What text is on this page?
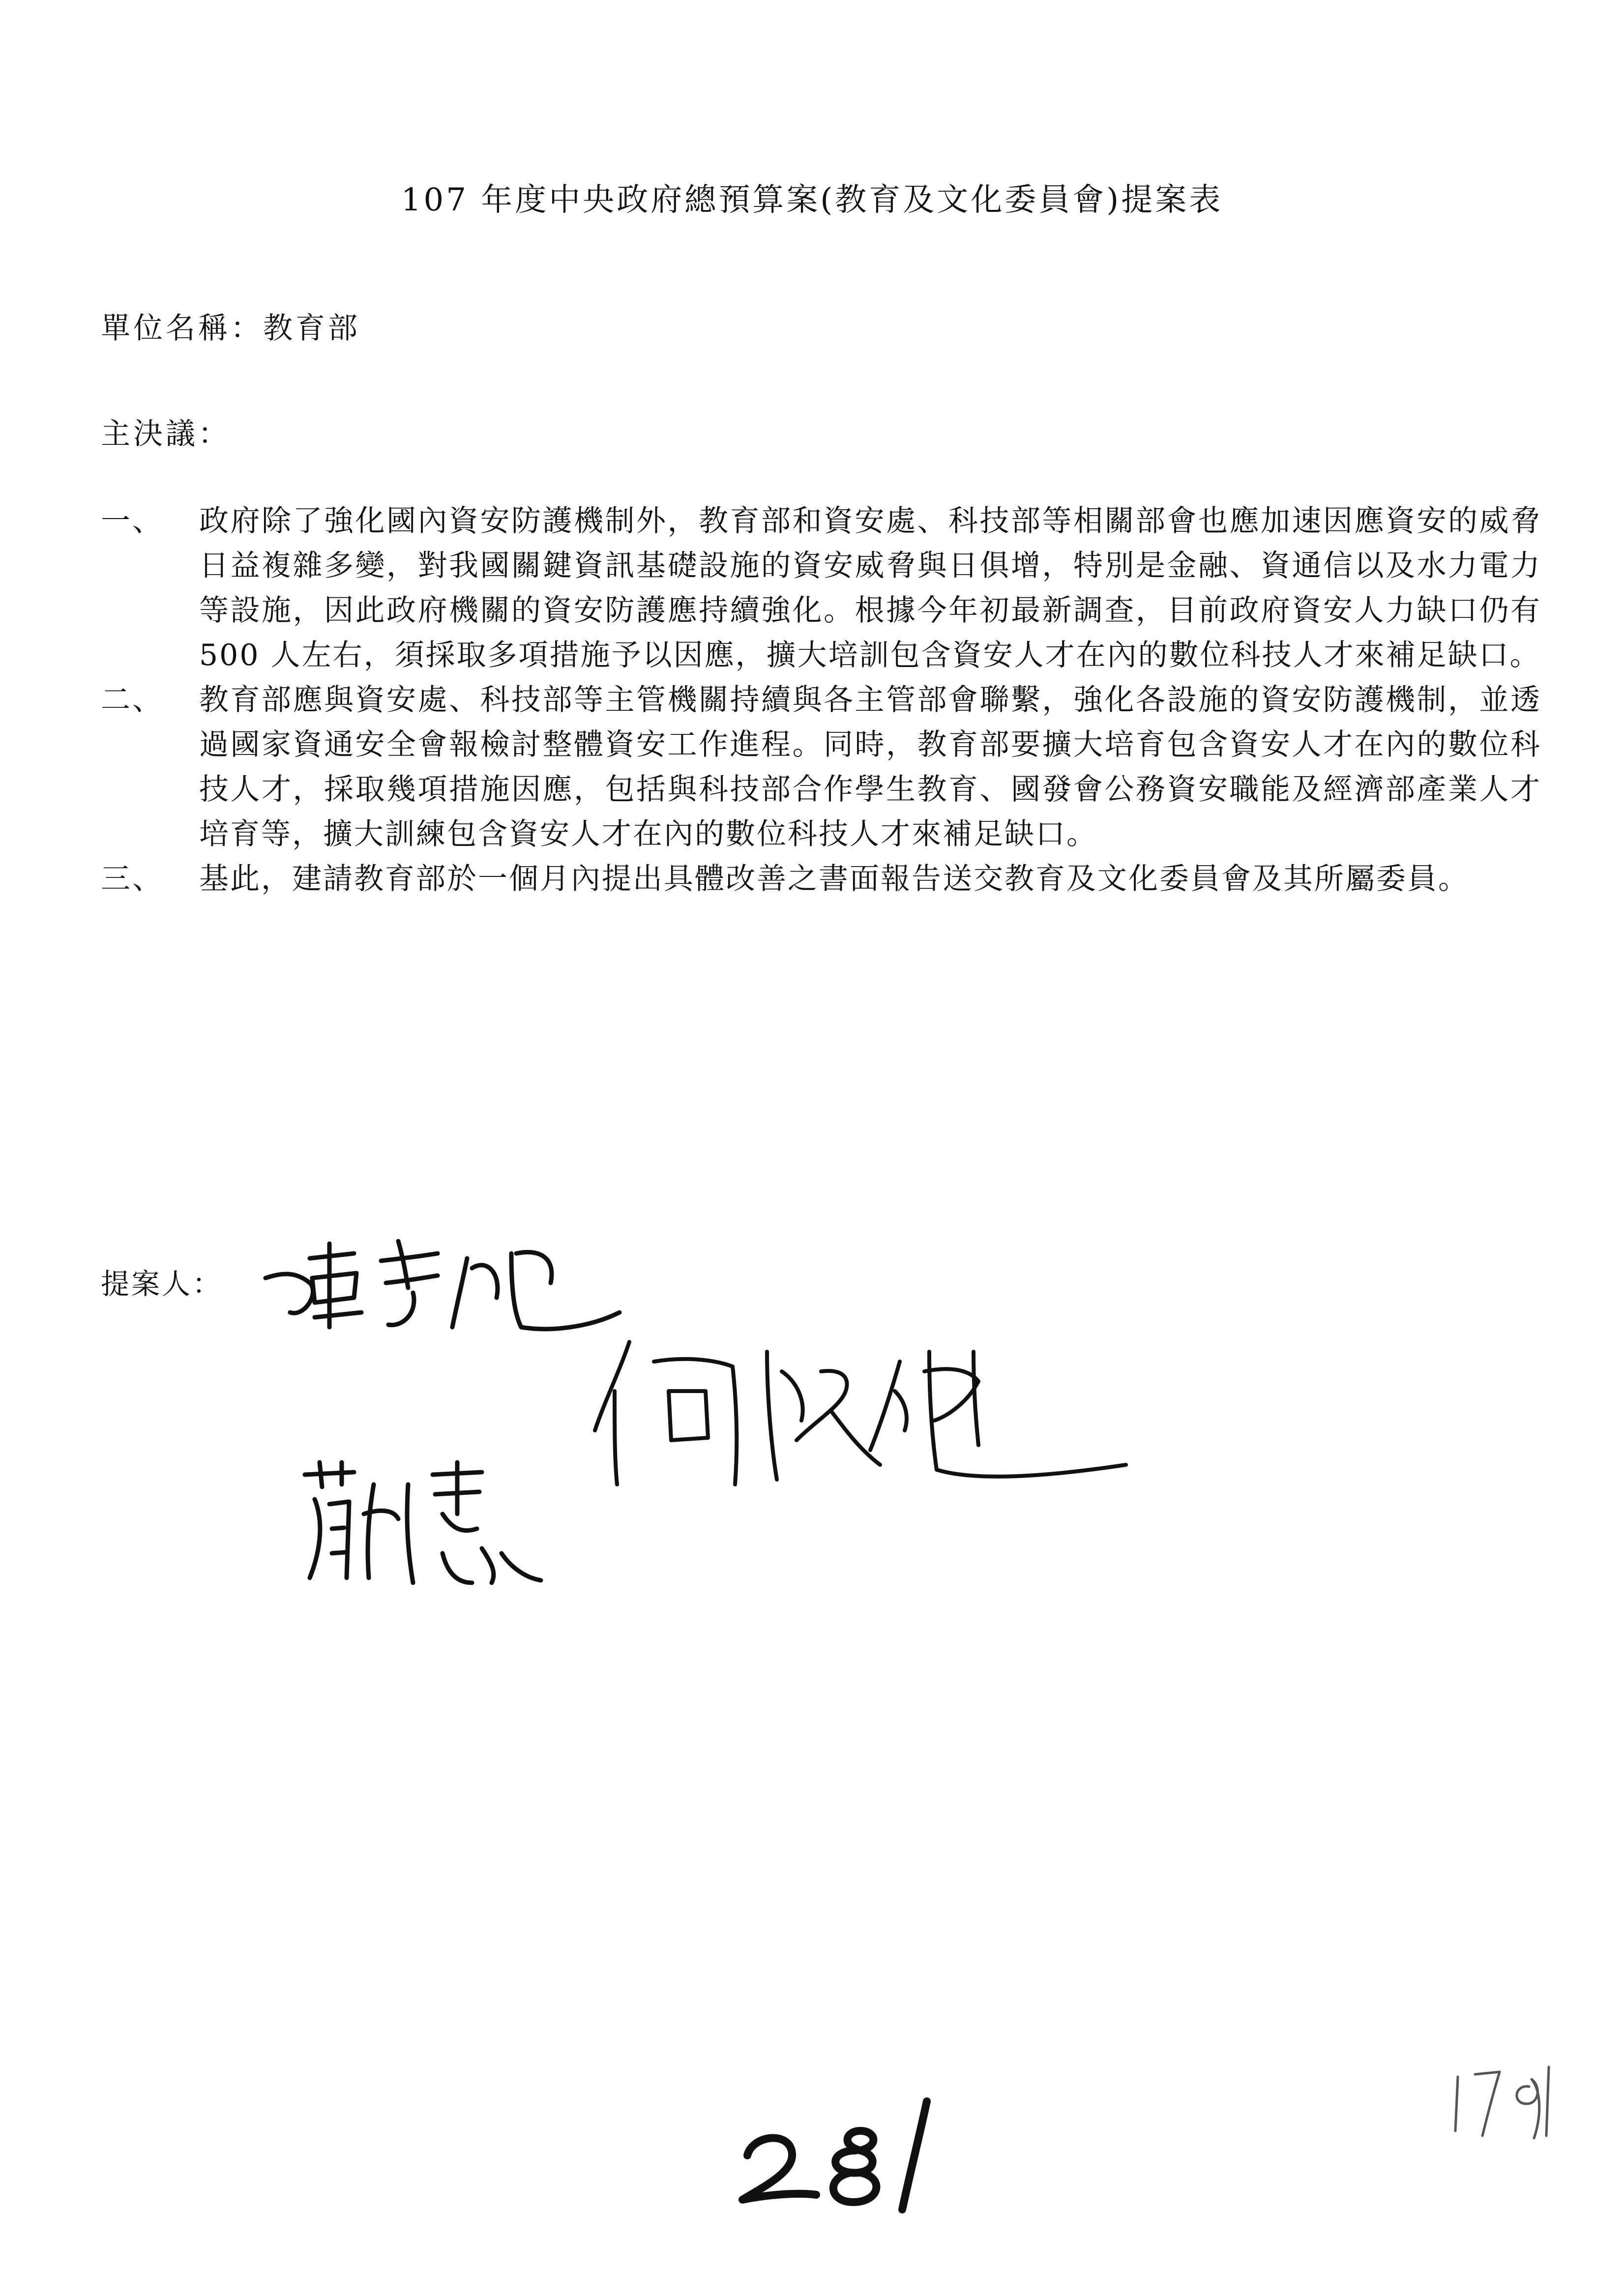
107 年度中央政府總預算案(教育及文化委員會)提案表
單位名稱：教育部
主決議：
一、	政府除了強化國內資安防護機制外，教育部和資安處、科技部等相關部會也應加速因應資安的威脅日益複雜多變，對我國關鍵資訊基礎設施的資安威脅與日俱增，特別是金融、資通信以及水力電力等設施，因此政府機關的資安防護應持續強化。根據今年初最新調查，目前政府資安人力缺口仍有 500 人左右，須採取多項措施予以因應，擴大培訓包含資安人才在內的數位科技人才來補足缺口。
二、	教育部應與資安處、科技部等主管機關持續與各主管部會聯繫，強化各設施的資安防護機制，並透過國家資通安全會報檢討整體資安工作進程。同時，教育部要擴大培育包含資安人才在內的數位科技人才，採取幾項措施因應，包括與科技部合作學生教育、國發會公務資安職能及經濟部產業人才培育等，擴大訓練包含資安人才在內的數位科技人才來補足缺口。
三、	基此，建請教育部於一個月內提出具體改善之書面報告送交教育及文化委員會及其所屬委員。
提案人：
